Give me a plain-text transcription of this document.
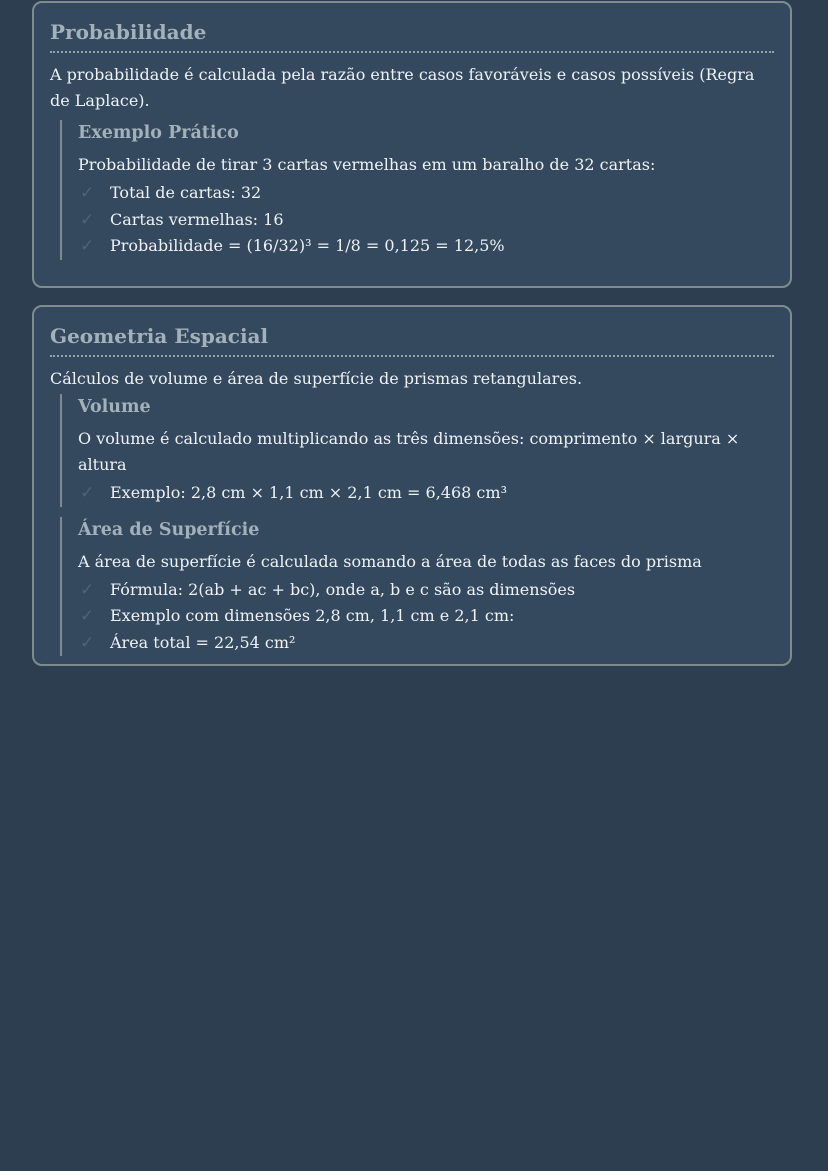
Probabilidade

A probabilidade é calculada pela razão entre casos favoráveis e casos possíveis (Regra de Laplace).

Exemplo Prático

Probabilidade de tirar 3 cartas vermelhas em um baralho de 32 cartas:

✓ Total de cartas: 32
✓ Cartas vermelhas: 16
✓ Probabilidade = (16/32)³ = 1/8 = 0,125 = 12,5%
Geometria Espacial

Cálculos de volume e área de superfície de prismas retangulares.

Volume

O volume é calculado multiplicando as três dimensões: comprimento × largura × altura

✓ Exemplo: 2,8 cm × 1,1 cm × 2,1 cm = 6,468 cm³
Área de Superfície

A área de superfície é calculada somando a área de todas as faces do prisma

✓ Fórmula: 2(ab + ac + bc), onde a, b e c são as dimensões
✓ Exemplo com dimensões 2,8 cm, 1,1 cm e 2,1 cm:
✓ Área total = 22,54 cm²
